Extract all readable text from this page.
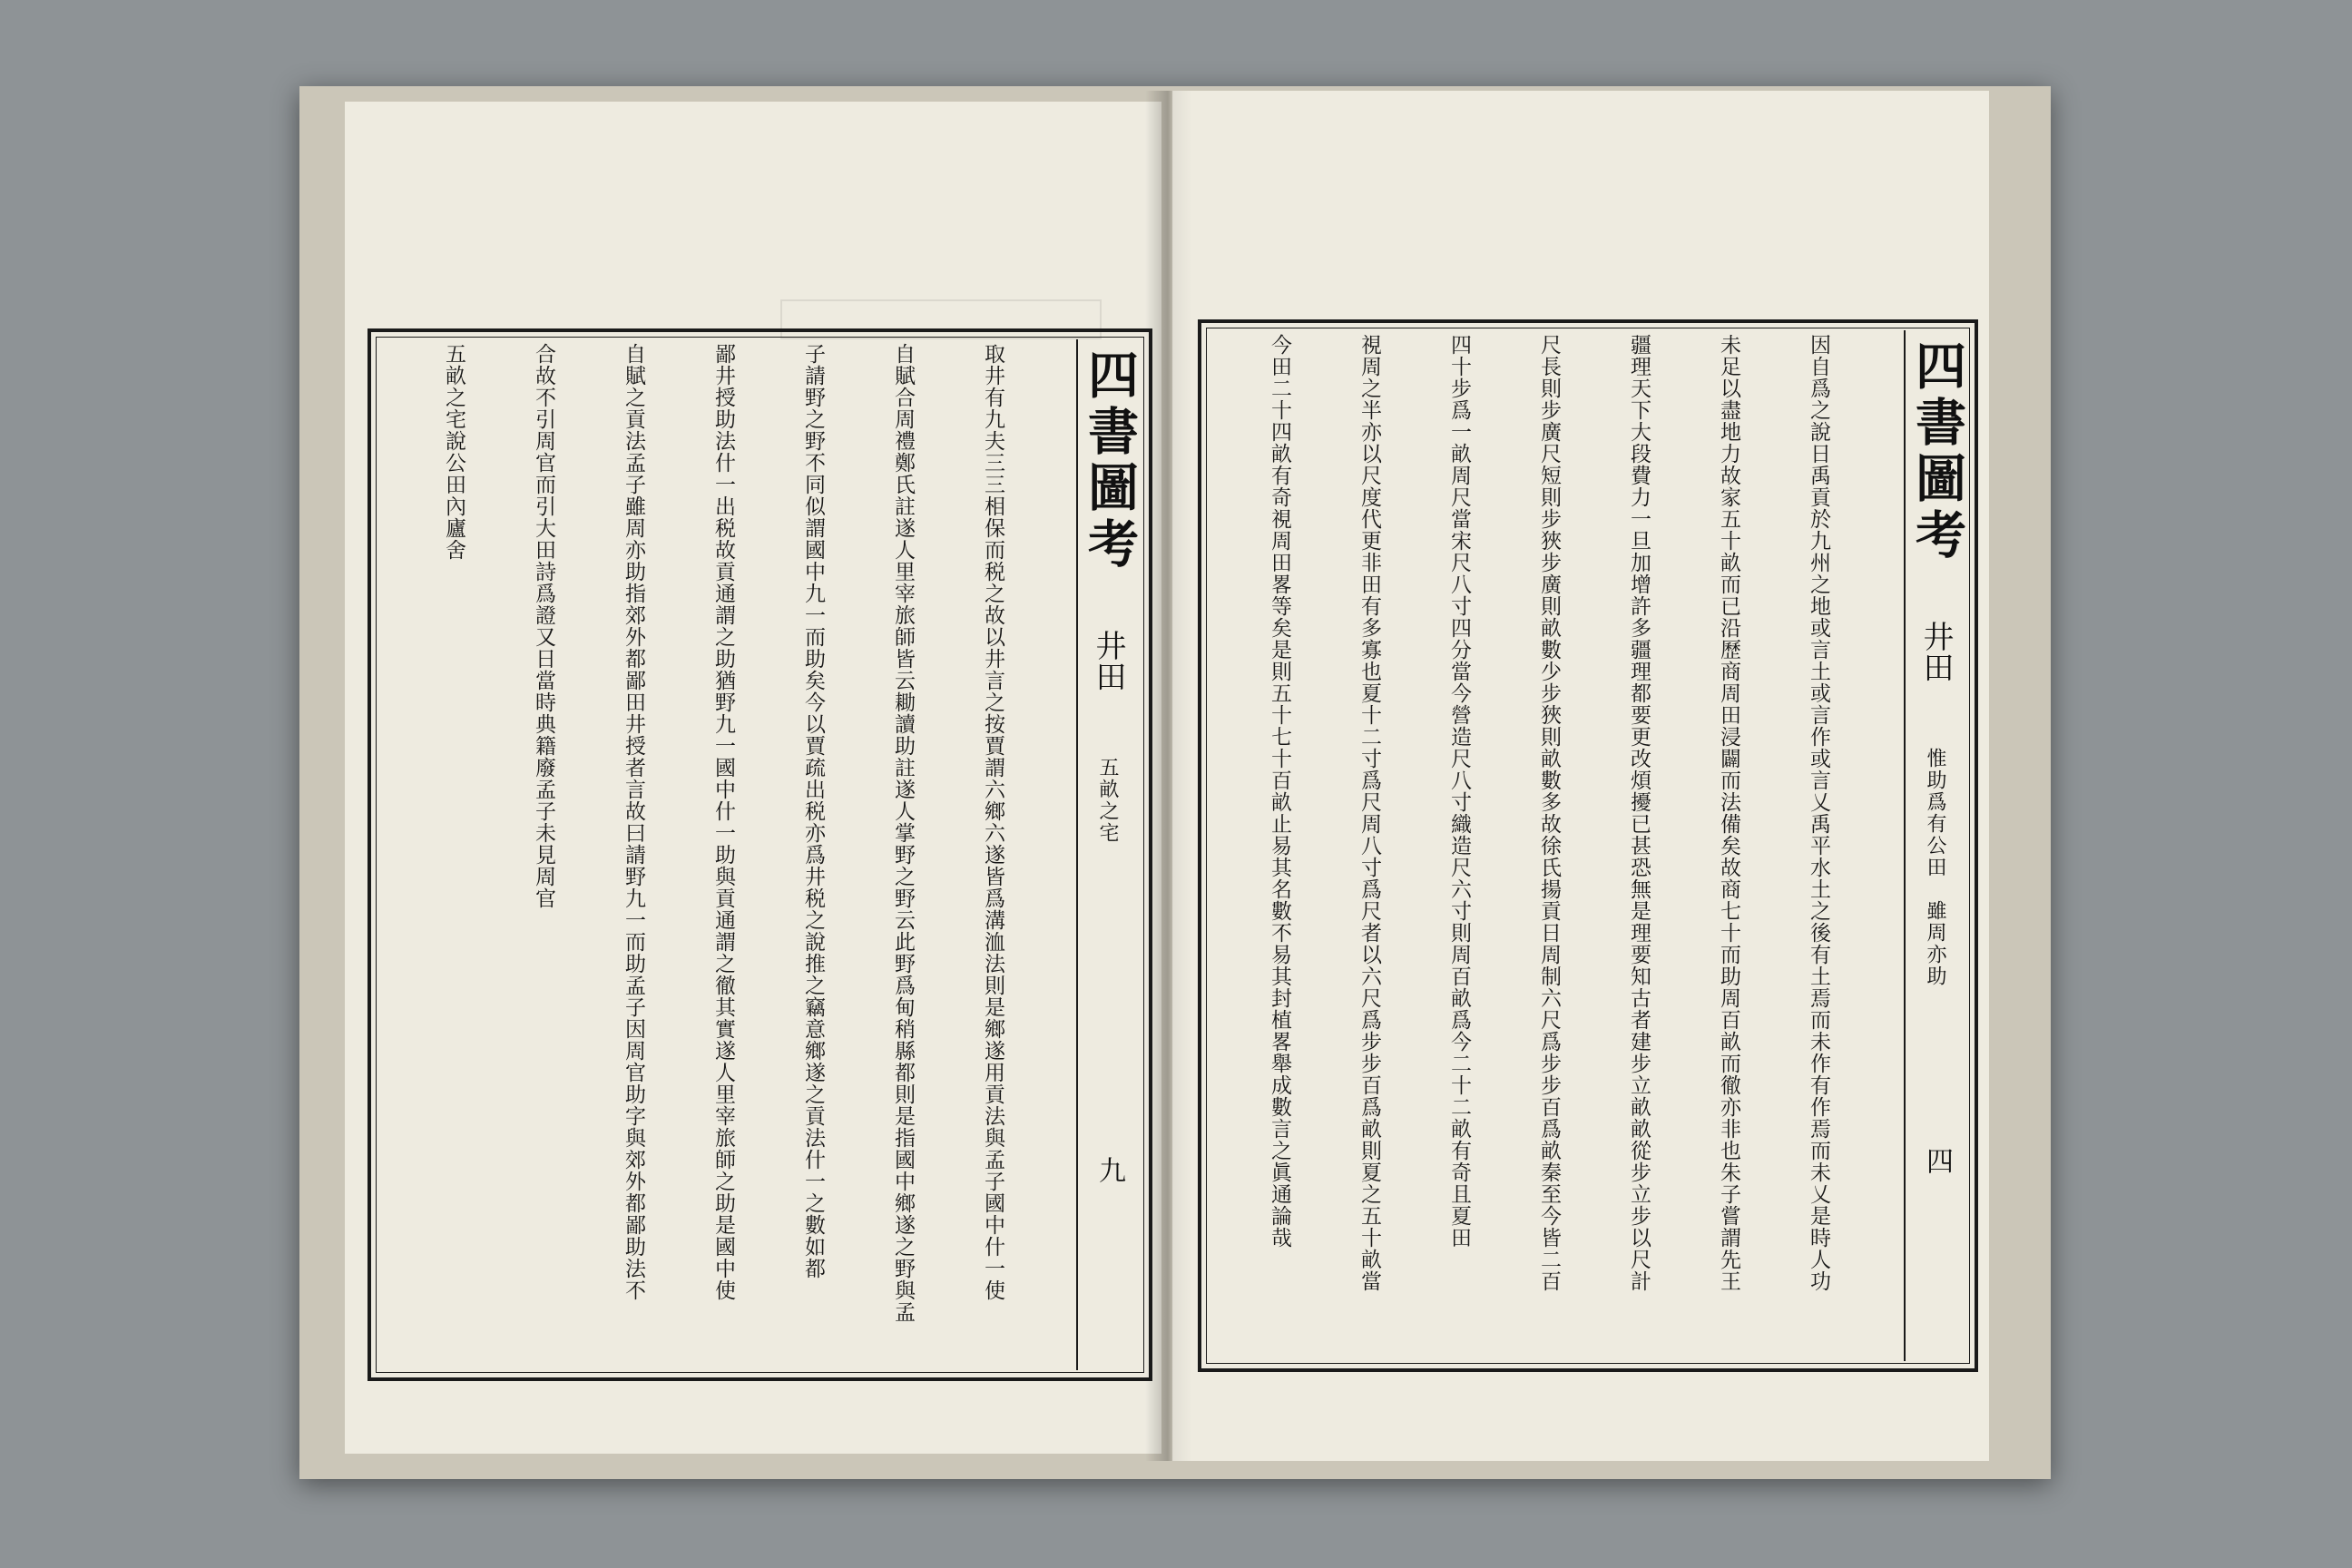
取井有九夫三三相保而税之故以井言之按賈謂六鄉六遂皆爲溝洫法則是鄉遂用貢法與孟子國中什一使

自賦合周禮鄭氏註遂人里宰旅師皆云耡讀助註遂人掌野之野云此野爲甸稍縣都則是指國中鄉遂之野與孟

子請野之野不同似謂國中九一而助矣今以賈疏出税亦爲井税之說推之竊意鄉遂之貢法什一之數如都

鄙井授助法什一出税故貢通謂之助猶野九一國中什一助與貢通謂之徹其實遂人里宰旅師之助是國中使

自賦之貢法孟子雖周亦助指郊外都鄙田井授者言故曰請野九一而助孟子因周官助字與郊外都鄙助法不

合故不引周官而引大田詩爲證又日當時典籍廢孟子未見周官

五畝之宅說公田內廬舍

	四書圖考
井田
五畝之宅
九

	因自爲之說日禹貢於九州之地或言土或言作或言乂禹平水土之後有土焉而未作有作焉而未乂是時人功

未足以盡地力故家五十畝而已沿歷商周田浸闢而法備矣故商七十而助周百畝而徹亦非也朱子嘗謂先王

疆理天下大段費力一旦加增許多疆理都要更改煩擾已甚恐無是理要知古者建步立畝畝從步立步以尺計

尺長則步廣尺短則步狹步廣則畝數少步狹則畝數多故徐氏揚貢日周制六尺爲步步百爲畝秦至今皆二百

四十步爲一畝周尺當宋尺八寸四分當今營造尺八寸織造尺六寸則周百畝爲今二十二畝有奇且夏田

視周之半亦以尺度代更非田有多寡也夏十二寸爲尺周八寸爲尺者以六尺爲步步百爲畝則夏之五十畝當

今田二十四畝有奇視周田畧等矣是則五十七十百畝止易其名數不易其封植畧舉成數言之眞通論哉

	四書圖考
井田
惟助爲有公田　雖周亦助
四
